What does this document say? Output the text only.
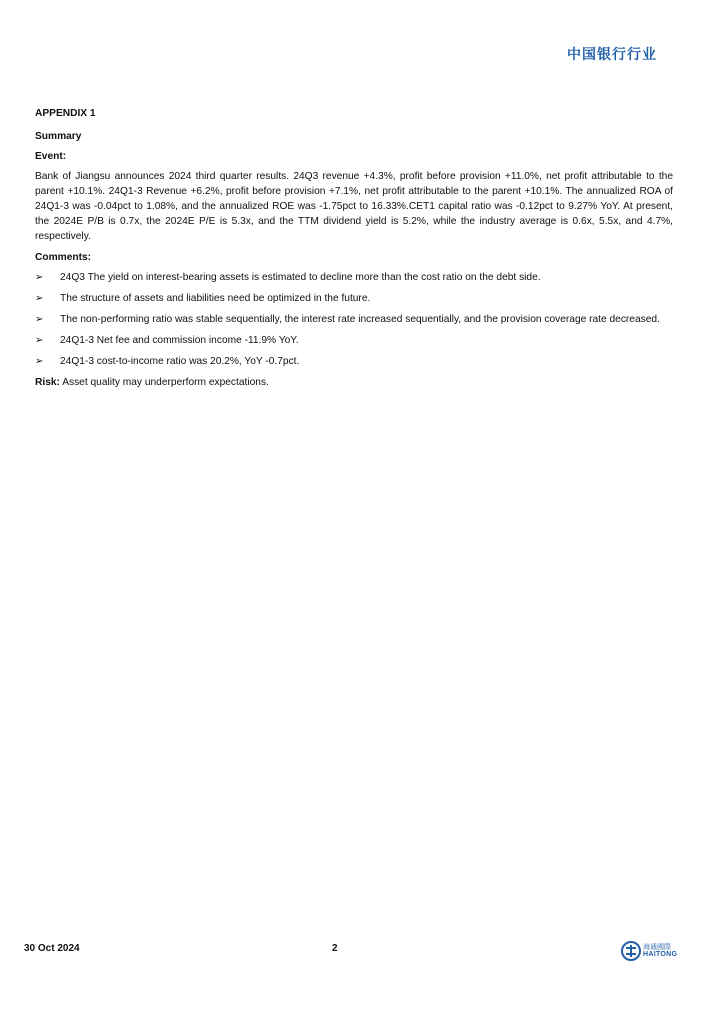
中国银行行业

APPENDIX 1

Summary

Event:

Bank of Jiangsu announces 2024 third quarter results. 24Q3 revenue +4.3%, profit before provision +11.0%, net profit attributable to the parent +10.1%. 24Q1-3 Revenue +6.2%, profit before provision +7.1%, net profit attributable to the parent +10.1%. The annualized ROA of 24Q1-3 was -0.04pct to 1.08%, and the annualized ROE was -1.75pct to 16.33%.CET1 capital ratio was -0.12pct to 9.27% YoY. At present, the 2024E P/B is 0.7x, the 2024E P/E is 5.3x, and the TTM dividend yield is 5.2%, while the industry average is 0.6x, 5.5x, and 4.7%, respectively.

Comments:

➢ 24Q3 The yield on interest-bearing assets is estimated to decline more than the cost ratio on the debt side.
➢ The structure of assets and liabilities need be optimized in the future.
➢ The non-performing ratio was stable sequentially, the interest rate increased sequentially, and the provision coverage rate decreased.
➢ 24Q1-3 Net fee and commission income -11.9% YoY.
➢ 24Q1-3 cost-to-income ratio was 20.2%, YoY -0.7pct.

Risk: Asset quality may underperform expectations.

30 Oct 2024	2	海通國際
HAITONG
